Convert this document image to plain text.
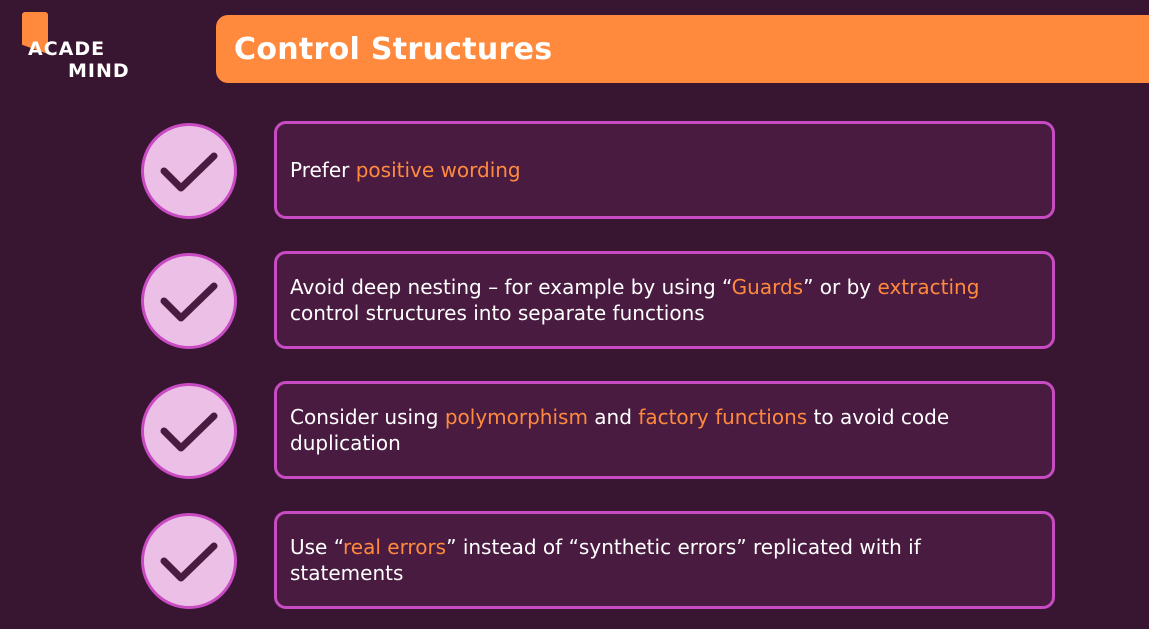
ACADE
MIND
Control Structures
Prefer positive wording
Avoid deep nesting – for example by using “Guards” or by extracting control structures into separate functions
Consider using polymorphism and factory functions to avoid code duplication
Use “real errors” instead of “synthetic errors” replicated with if statements
